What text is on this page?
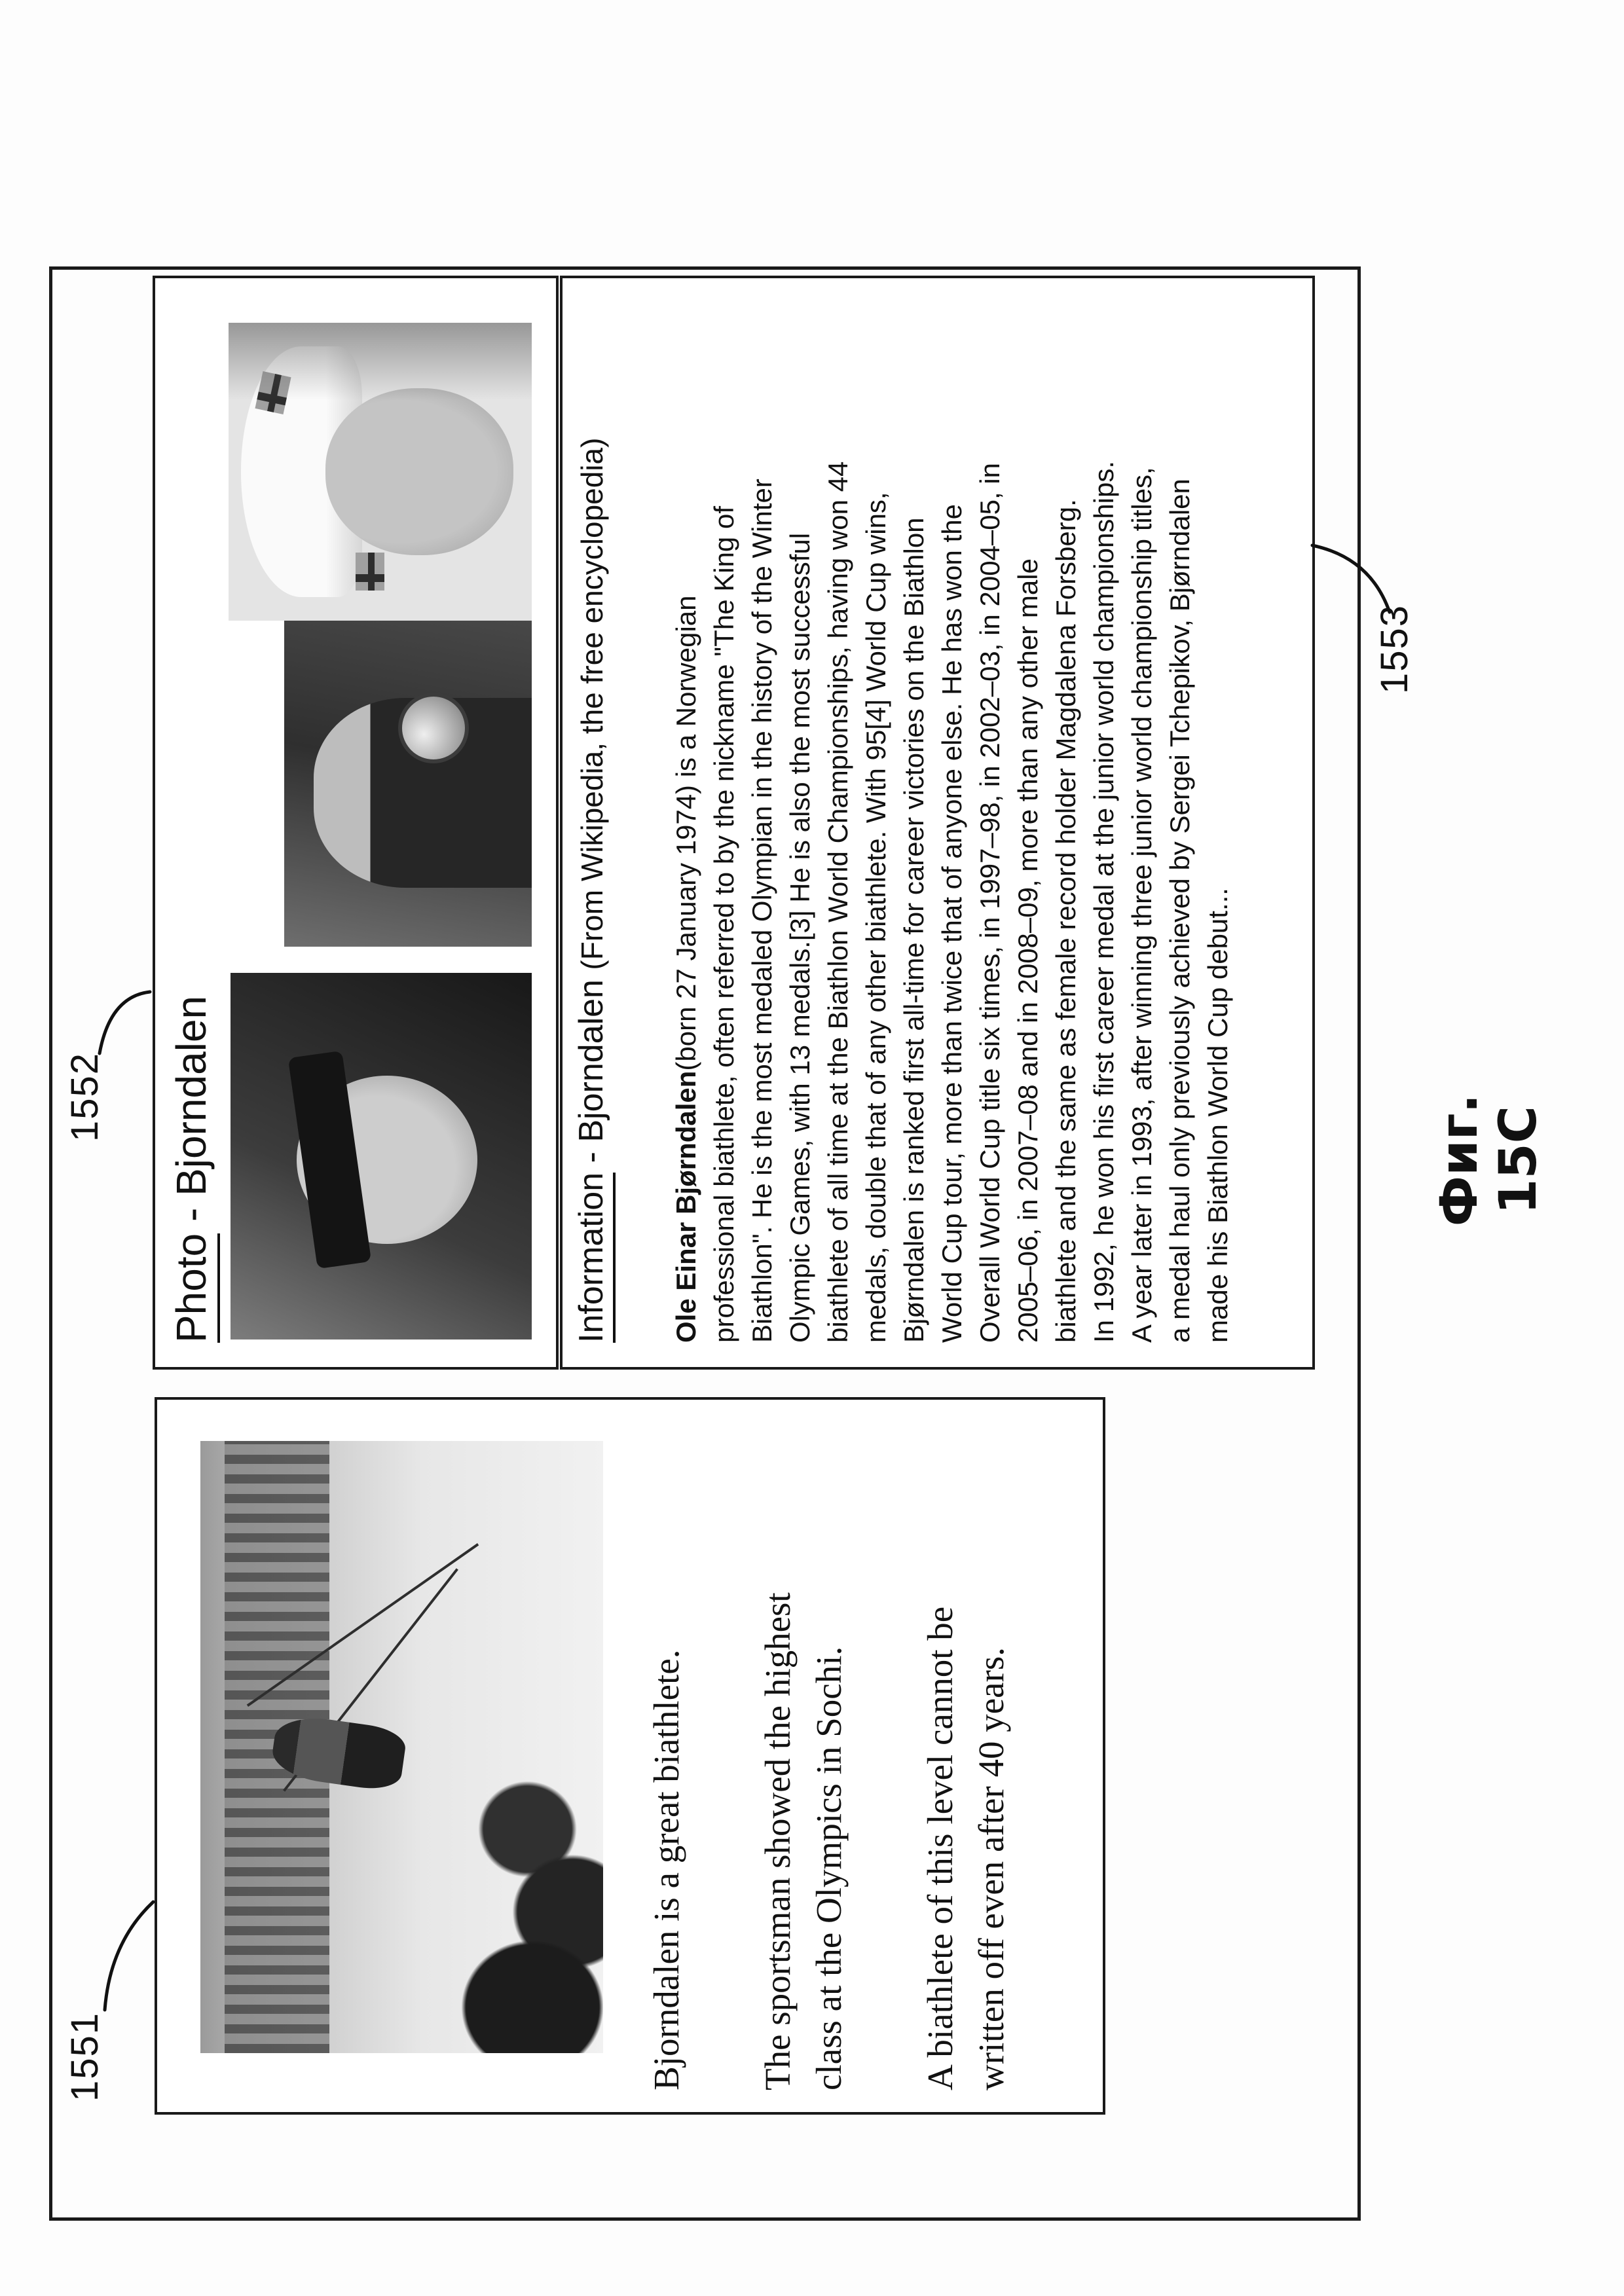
Bjorndalen is a great biathlete. The sportsman showed the highest class at the Olympics in Sochi. A biathlete of this level cannot be written off even after 40 years.
Photo - Bjorndalen
Information - Bjorndalen (From Wikipedia, the free encyclopedia)
Ole Einar Bjørndalen(born 27 January 1974) is a Norwegian professional biathlete, often referred to by the nickname "The King of Biathlon". He is the most medaled Olympian in the history of the Winter Olympic Games, with 13 medals.[3] He is also the most successful biathlete of all time at the Biathlon World Championships, having won 44 medals, double that of any other biathlete. With 95[4] World Cup wins, Bjørndalen is ranked first all-time for career victories on the Biathlon World Cup tour, more than twice that of anyone else. He has won the Overall World Cup title six times, in 1997–98, in 2002–03, in 2004–05, in 2005–06, in 2007–08 and in 2008–09, more than any other male biathlete and the same as female record holder Magdalena Forsberg. In 1992, he won his first career medal at the junior world championships. A year later in 1993, after winning three junior world championship titles, a medal haul only previously achieved by Sergei Tchepikov, Bjørndalen made his Biathlon World Cup debut...
1551
1552
1553
Фиг. 15C
